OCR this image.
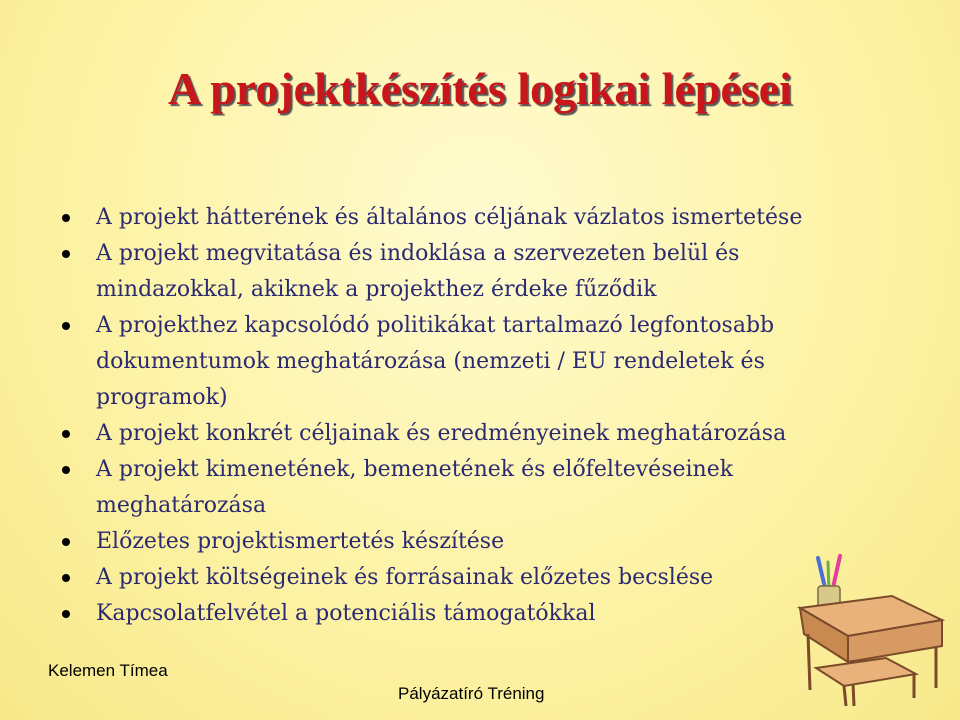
A projektkészítés logikai lépései
A projekt hátterének és általános céljának vázlatos ismertetése
A projekt megvitatása és indoklása a szervezeten belül és mindazokkal, akiknek a projekthez érdeke fűződik
A projekthez kapcsolódó politikákat tartalmazó legfontosabb dokumentumok meghatározása (nemzeti / EU rendeletek és programok)
A projekt konkrét céljainak és eredményeinek meghatározása
A projekt kimenetének, bemenetének és előfeltevéseinek meghatározása
Előzetes projektismertetés készítése
A projekt költségeinek és forrásainak előzetes becslése
Kapcsolatfelvétel a potenciális támogatókkal
Kelemen Tímea
Pályázatíró Tréning
